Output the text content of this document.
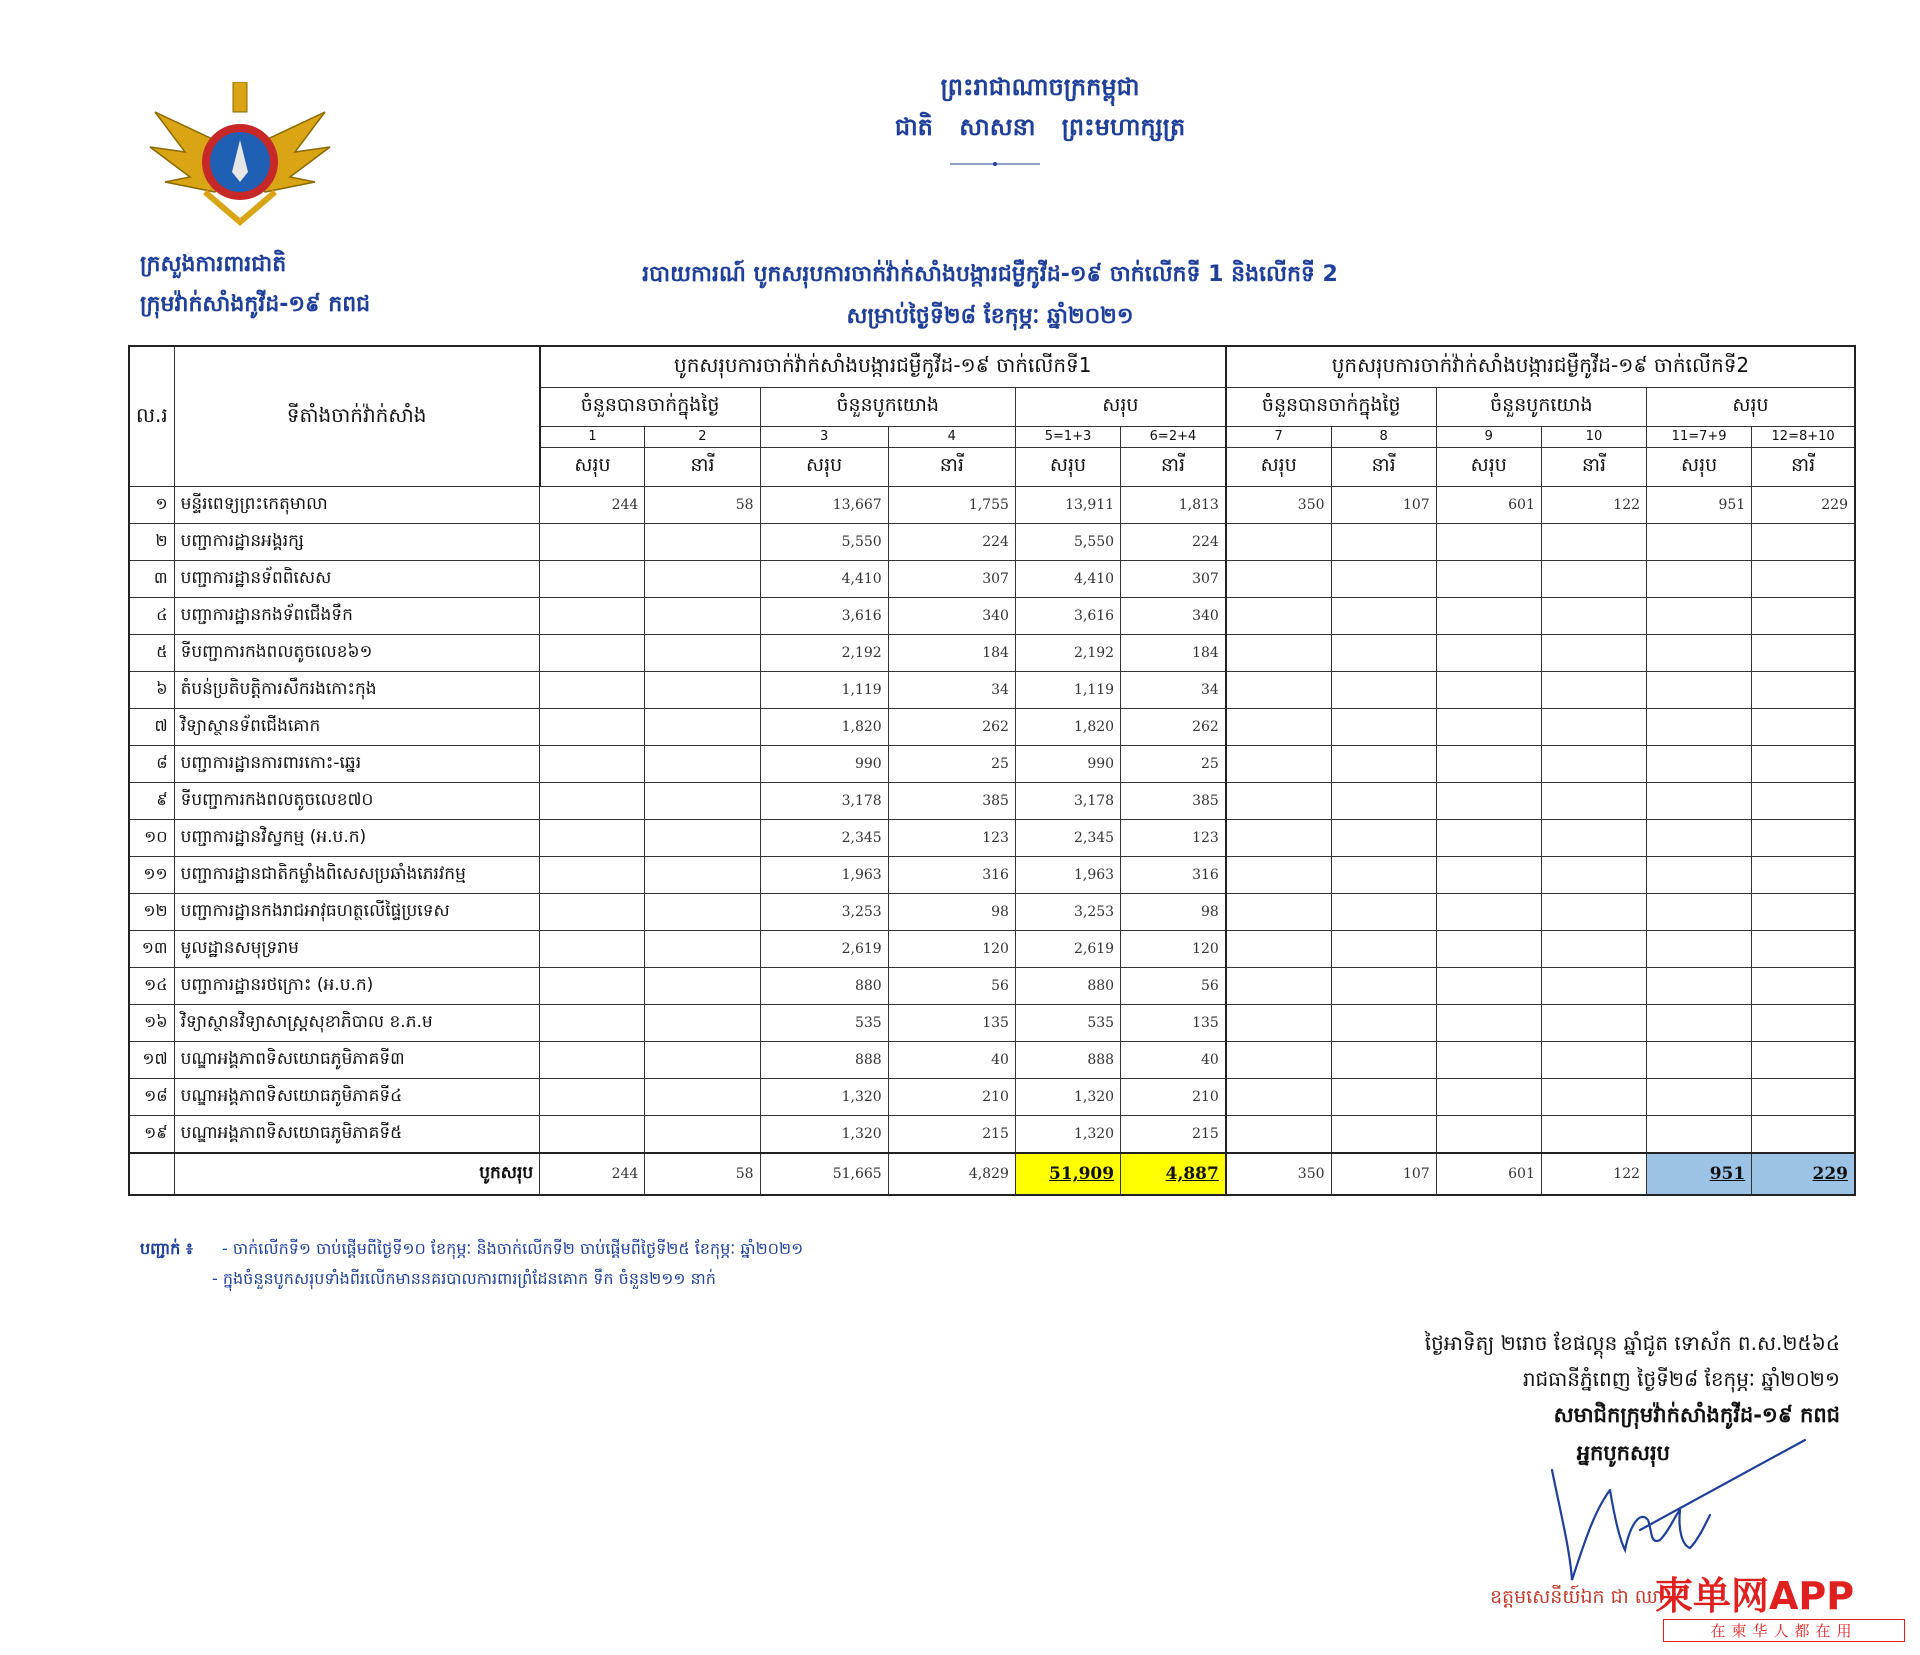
ព្រះរាជាណាចក្រកម្ពុជា
ជាតិ សាសនា ព្រះមហាក្សត្រ
ក្រសួងការពារជាតិ
ក្រុមវ៉ាក់សាំងកូវីដ-១៩ កពជ
របាយការណ៍ បូកសរុបការចាក់វ៉ាក់សាំងបង្ការជម្ងឺកូវីដ-១៩ ចាក់លើកទី 1 និងលើកទី 2
សម្រាប់ថ្ងៃទី២៨ ខែកុម្ភៈ ឆ្នាំ២០២១
ល.រ	ទីតាំងចាក់វ៉ាក់សាំង	បូកសរុបការចាក់វ៉ាក់សាំងបង្ការជម្ងឺកូវីដ-១៩ ចាក់លើកទី1						បូកសរុបការចាក់វ៉ាក់សាំងបង្ការជម្ងឺកូវីដ-១៩ ចាក់លើកទី2					
		ចំនួនបានចាក់ក្នុងថ្ងៃ		ចំនួនបូកយោង		សរុប		ចំនួនបានចាក់ក្នុងថ្ងៃ		ចំនួនបូកយោង		សរុប	
		1	2	3	4	5=1+3	6=2+4	7	8	9	10	11=7+9	12=8+10
		សរុប	នារី	សរុប	នារី	សរុប	នារី	សរុប	នារី	សរុប	នារី	សរុប	នារី
១	មន្ទីរពេទ្យព្រះកេតុមាលា	244	58	13,667	1,755	13,911	1,813	350	107	601	122	951	229
២	បញ្ជាការដ្ឋានអង្គរក្ស			5,550	224	5,550	224						
៣	បញ្ជាការដ្ឋានទ័ពពិសេស			4,410	307	4,410	307						
៤	បញ្ជាការដ្ឋានកងទ័ពជើងទឹក			3,616	340	3,616	340						
៥	ទីបញ្ជាការកងពលតូចលេខ៦១			2,192	184	2,192	184						
៦	តំបន់ប្រតិបត្តិការសឹករងកោះកុង			1,119	34	1,119	34						
៧	វិទ្យាស្ថានទ័ពជើងគោក			1,820	262	1,820	262						
៨	បញ្ជាការដ្ឋានការពារកោះ-ឆ្នេរ			990	25	990	25						
៩	ទីបញ្ជាការកងពលតូចលេខ៧០			3,178	385	3,178	385						
១០	បញ្ជាការដ្ឋានវិស្វកម្ម (អ.ប.ក)			2,345	123	2,345	123						
១១	បញ្ជាការដ្ឋានជាតិកម្លាំងពិសេសប្រឆាំងភេរវកម្ម			1,963	316	1,963	316						
១២	បញ្ជាការដ្ឋានកងរាជអាវុធហត្ថលើផ្ទៃប្រទេស			3,253	98	3,253	98						
១៣	មូលដ្ឋានសមុទ្ររាម			2,619	120	2,619	120						
១៤	បញ្ជាការដ្ឋានរថក្រោះ (អ.ប.ក)			880	56	880	56						
១៦	វិទ្យាស្ថានវិទ្យាសាស្ត្រសុខាភិបាល ខ.ភ.ម			535	135	535	135						
១៧	បណ្ឌាអង្គភាពទិសយោធភូមិភាគទី៣			888	40	888	40						
១៨	បណ្ឌាអង្គភាពទិសយោធភូមិភាគទី៤			1,320	210	1,320	210						
១៩	បណ្ឌាអង្គភាពទិសយោធភូមិភាគទី៥			1,320	215	1,320	215						
	បូកសរុប	244	58	51,665	4,829	51,909	4,887	350	107	601	122	951	229
បញ្ជាក់ ៖ - ចាក់លើកទី១ ចាប់ផ្ដើមពីថ្ងៃទី១០ ខែកុម្ភៈ និងចាក់លើកទី២ ចាប់ផ្ដើមពីថ្ងៃទី២៥ ខែកុម្ភៈ ឆ្នាំ២០២១
- ក្នុងចំនួនបូកសរុបទាំងពីរលើកមាននគរបាលការពារព្រំដែនគោក ទឹក ចំនួន២១១ នាក់
ថ្ងៃអាទិត្យ ២រោច ខែផល្គុន ឆ្នាំជូត ទោស័ក ព.ស.២៥៦៤
រាជធានីភ្នំពេញ ថ្ងៃទី២៨ ខែកុម្ភៈ ឆ្នាំ២០២១
សមាជិកក្រុមវ៉ាក់សាំងកូវីដ-១៩ កពជ
អ្នកបូកសរុប
ឧត្តមសេនីយ៍ឯក ជា ឈា
柬单网APP
在柬华人都在用
